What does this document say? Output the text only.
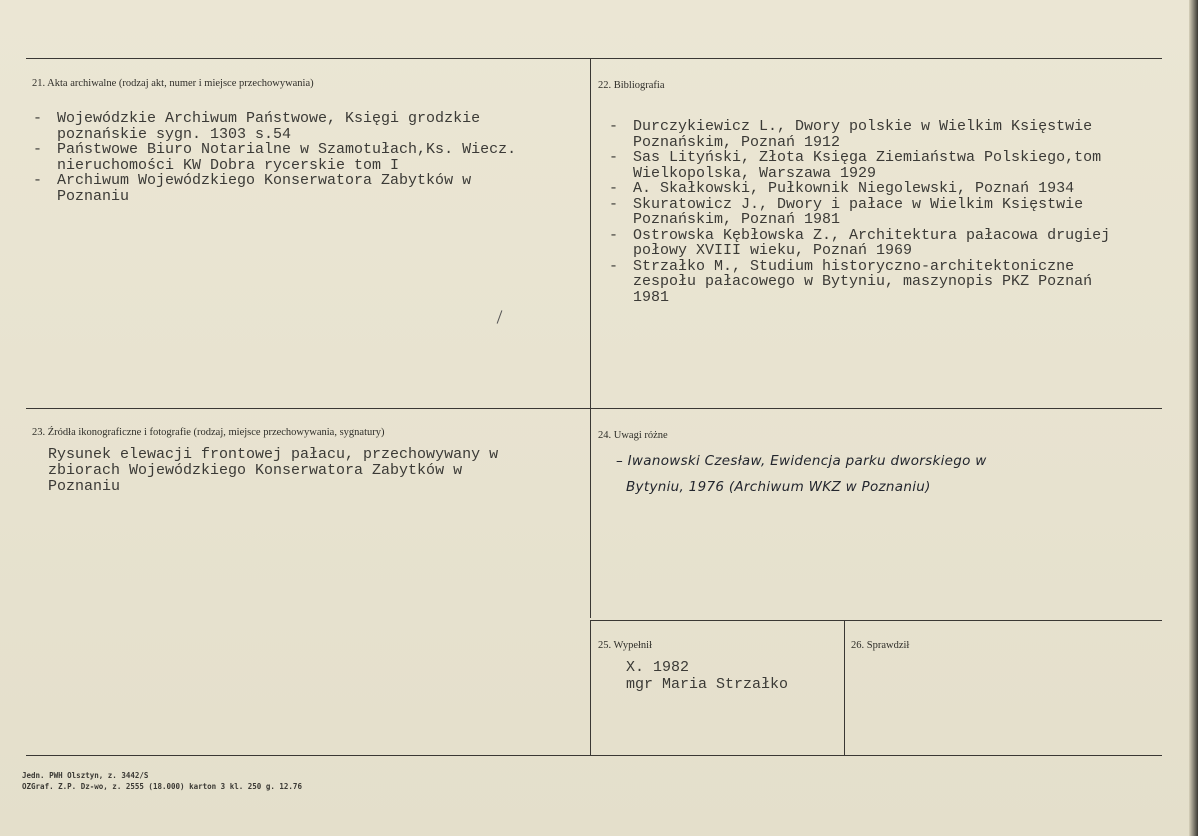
21. Akta archiwalne (rodzaj akt, numer i miejsce przechowywania)
- Wojewódzkie Archiwum Państwowe, Księgi grodzkie
poznańskie sygn. 1303 s.54
- Państwowe Biuro Notarialne w Szamotułach,Ks. Wiecz.
nieruchomości KW Dobra rycerskie tom I
- Archiwum Wojewódzkiego Konserwatora Zabytków w
Poznaniu
22. Bibliografia
- Durczykiewicz L., Dwory polskie w Wielkim Księstwie
Poznańskim, Poznań 1912
- Sas Lityński, Złota Księga Ziemiaństwa Polskiego,tom
Wielkopolska, Warszawa 1929
- A. Skałkowski, Pułkownik Niegolewski, Poznań 1934
- Skuratowicz J., Dwory i pałace w Wielkim Księstwie
Poznańskim, Poznań 1981
- Ostrowska Kębłowska Z., Architektura pałacowa drugiej
połowy XVIII wieku, Poznań 1969
- Strzałko M., Studium historyczno-architektoniczne
zespołu pałacowego w Bytyniu, maszynopis PKZ Poznań
1981
23. Źródła ikonograficzne i fotografie (rodzaj, miejsce przechowywania, sygnatury)
Rysunek elewacji frontowej pałacu, przechowywany w
zbiorach Wojewódzkiego Konserwatora Zabytków w
Poznaniu
24. Uwagi różne
– Iwanowski Czesław, Ewidencja parku dworskiego w
Bytyniu, 1976 (Archiwum WKZ w Poznaniu)
25. Wypełnił
X. 1982
mgr Maria Strzałko
26. Sprawdził
Jedn. PWH Olsztyn, z. 3442/S
OZGraf. Z.P. Dz-wo, z. 2555 (18.000) karton 3 kl. 250 g. 12.76
